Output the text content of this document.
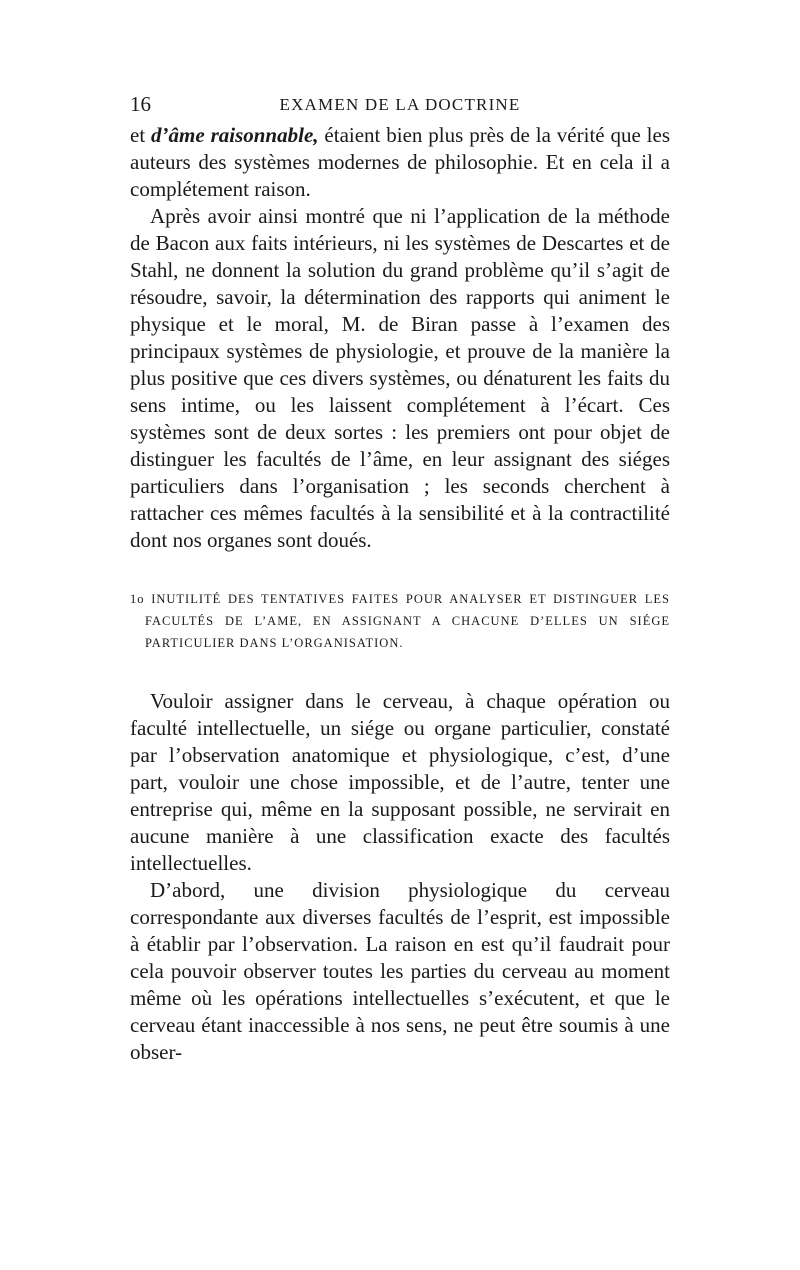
16	EXAMEN DE LA DOCTRINE

et d’âme raisonnable, étaient bien plus près de la vérité que les auteurs des systèmes modernes de philosophie. Et en cela il a complétement raison.

Après avoir ainsi montré que ni l’application de la méthode de Bacon aux faits intérieurs, ni les systèmes de Descartes et de Stahl, ne donnent la solution du grand problème qu’il s’agit de résoudre, savoir, la détermination des rapports qui animent le physique et le moral, M. de Biran passe à l’examen des principaux systèmes de physiologie, et prouve de la manière la plus positive que ces divers systèmes, ou dénaturent les faits du sens intime, ou les laissent complétement à l’écart. Ces systèmes sont de deux sortes : les premiers ont pour objet de distinguer les facultés de l’âme, en leur assignant des siéges particuliers dans l’organisation ; les seconds cherchent à rattacher ces mêmes facultés à la sensibilité et à la contractilité dont nos organes sont doués.

1o INUTILITÉ DES TENTATIVES FAITES POUR ANALYSER ET DISTINGUER LES FACULTÉS DE L’AME, EN ASSIGNANT A CHACUNE D’ELLES UN SIÉGE PARTICULIER DANS L’ORGANISATION.

Vouloir assigner dans le cerveau, à chaque opération ou faculté intellectuelle, un siége ou organe particulier, constaté par l’observation anatomique et physiologique, c’est, d’une part, vouloir une chose impossible, et de l’autre, tenter une entreprise qui, même en la supposant possible, ne servirait en aucune manière à une classification exacte des facultés intellectuelles.

D’abord, une division physiologique du cerveau correspondante aux diverses facultés de l’esprit, est impossible à établir par l’observation. La raison en est qu’il faudrait pour cela pouvoir observer toutes les parties du cerveau au moment même où les opérations intellectuelles s’exécutent, et que le cerveau étant inaccessible à nos sens, ne peut être soumis à une obser-
